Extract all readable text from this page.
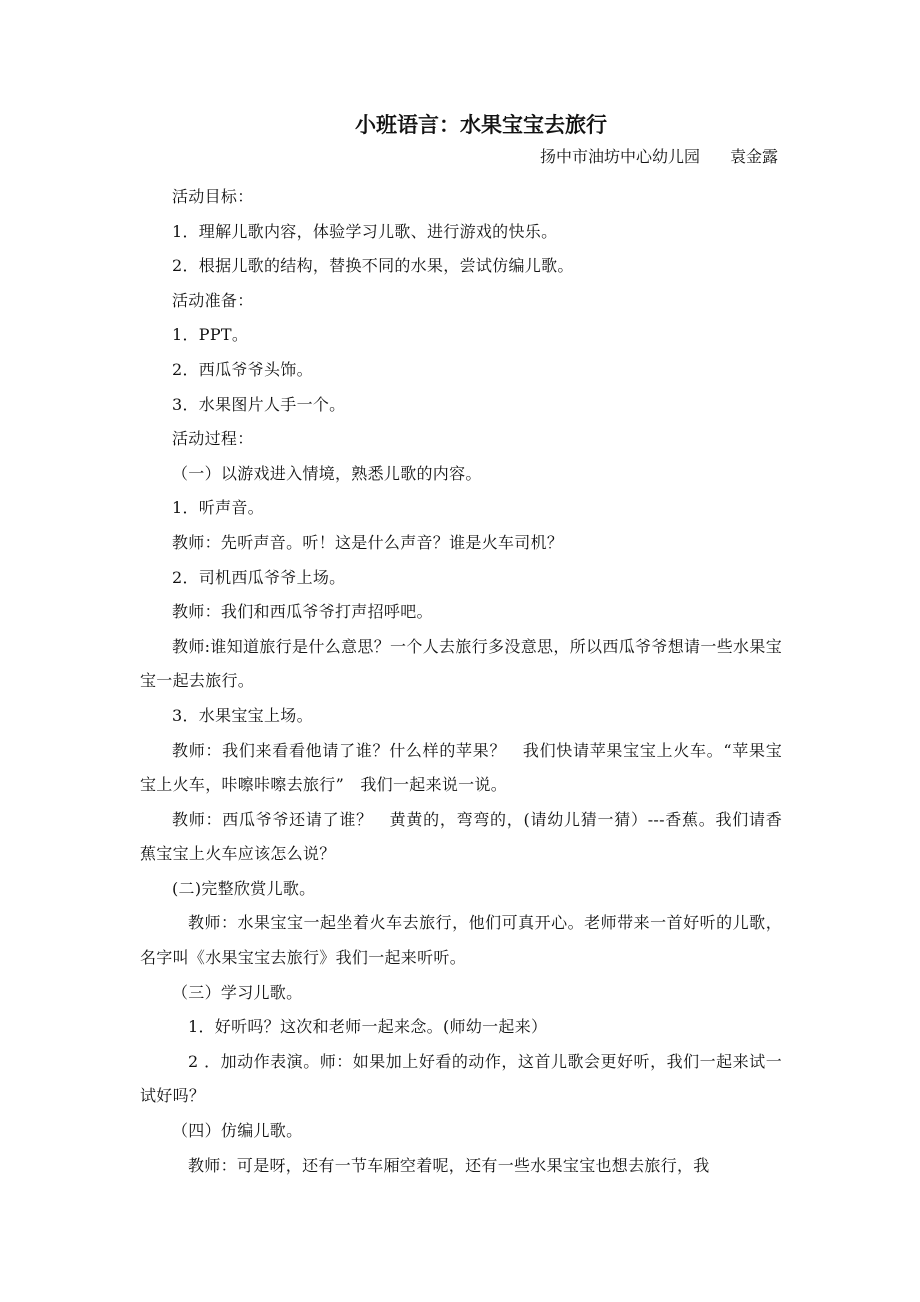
小班语言：水果宝宝去旅行

扬中市油坊中心幼儿园 袁金露

活动目标：

1．理解儿歌内容，体验学习儿歌、进行游戏的快乐。

2．根据儿歌的结构，替换不同的水果，尝试仿编儿歌。

活动准备：

1．PPT。

2．西瓜爷爷头饰。

3．水果图片人手一个。

活动过程：

（一）以游戏进入情境，熟悉儿歌的内容。

1．听声音。

教师：先听声音。听！这是什么声音？谁是火车司机？

2．司机西瓜爷爷上场。

教师：我们和西瓜爷爷打声招呼吧。

教师:谁知道旅行是什么意思？一个人去旅行多没意思，所以西瓜爷爷想请一些水果宝宝一起去旅行。

3．水果宝宝上场。

教师：我们来看看他请了谁？什么样的苹果？　我们快请苹果宝宝上火车。“苹果宝宝上火车，咔嚓咔嚓去旅行”　我们一起来说一说。

教师：西瓜爷爷还请了谁？　黄黄的，弯弯的，(请幼儿猜一猜）---香蕉。我们请香蕉宝宝上火车应该怎么说？

(二)完整欣赏儿歌。

教师：水果宝宝一起坐着火车去旅行，他们可真开心。老师带来一首好听的儿歌，名字叫《水果宝宝去旅行》我们一起来听听。

（三）学习儿歌。

1．好听吗？这次和老师一起来念。(师幼一起来）

2 ．加动作表演。师：如果加上好看的动作，这首儿歌会更好听，我们一起来试一试好吗？

（四）仿编儿歌。

教师：可是呀，还有一节车厢空着呢，还有一些水果宝宝也想去旅行，我
